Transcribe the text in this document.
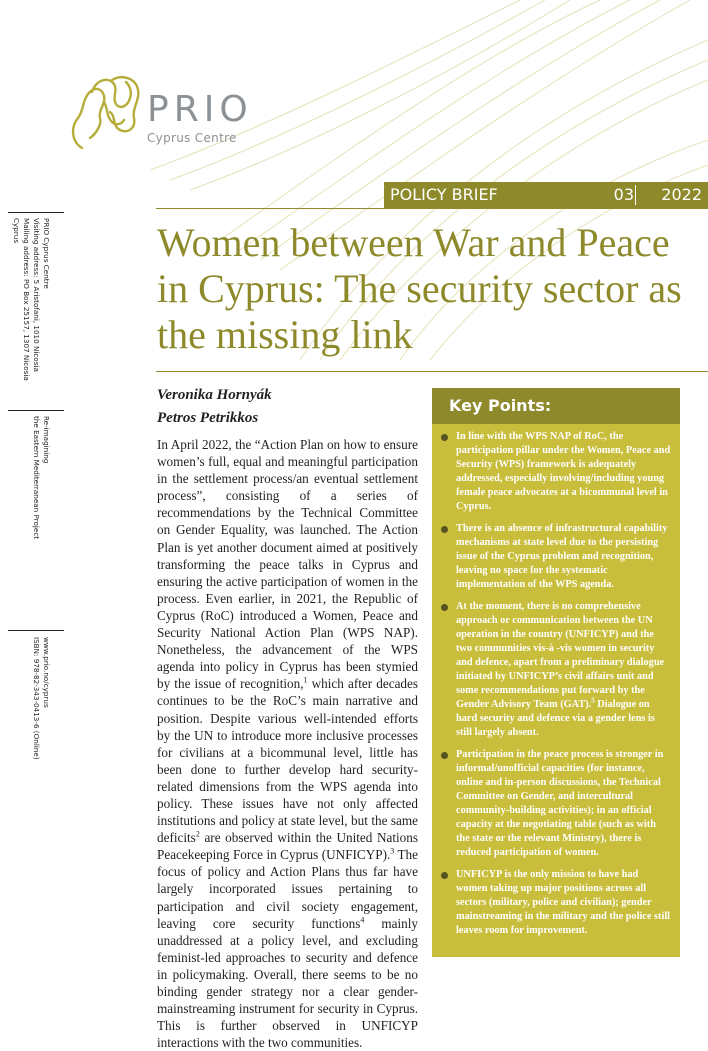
PRIO
Cyprus Centre
POLICY BRIEF	03 2022
PRIO Cyprus Centre
Visiting address: 5 Aristofani, 1010 Nicosia
Mailing address: PO Box 25157, 1307 Nicosia
Cyprus
Re-imagining
the Eastern Mediterranean Project
www.prio.no/cyprus
ISBN: 978-82-343-0413-6 (Online)
Women between War and Peace in Cyprus: The security sector as the missing link
Veronika Hornyák
Petros Petrikkos

In April 2022, the “Action Plan on how to ensure women’s full, equal and meaningful participation in the settlement process/an eventual settlement process”, consisting of a series of recommendations by the Technical Committee on Gender Equality, was launched. The Action Plan is yet another document aimed at positively transforming the peace talks in Cyprus and ensuring the active participation of women in the process. Even earlier, in 2021, the Republic of Cyprus (RoC) introduced a Women, Peace and Security National Action Plan (WPS NAP). Nonetheless, the advancement of the WPS agenda into policy in Cyprus has been stymied by the issue of recognition,$^1$ which after decades continues to be the RoC’s main narrative and position. Despite various well-intended efforts by the UN to introduce more inclusive processes for civilians at a bicommunal level, little has been done to further develop hard security-related dimensions from the WPS agenda into policy. These issues have not only affected institutions and policy at state level, but the same deficits$^2$ are observed within the United Nations Peacekeeping Force in Cyprus (UNFICYP).$^3$ The focus of policy and Action Plans thus far have largely incorporated issues pertaining to participation and civil society engagement, leaving core security functions$^4$ mainly unaddressed at a policy level, and excluding feminist-led approaches to security and defence in policymaking. Overall, there seems to be no binding gender strategy nor a clear gender-mainstreaming instrument for security in Cyprus. This is further observed in UNFICYP interactions with the two communities.

Key Points:
In line with the WPS NAP of RoC, the participation pillar under the Women, Peace and Security (WPS) framework is adequately addressed, especially involving/including young female peace advocates at a bicommunal level in Cyprus.
There is an absence of infrastructural capability mechanisms at state level due to the persisting issue of the Cyprus problem and recognition, leaving no space for the systematic implementation of the WPS agenda.
At the moment, there is no comprehensive approach or communication between the UN operation in the country (UNFICYP) and the two communities vis-à -vis women in security and defence, apart from a preliminary dialogue initiated by UNFICYP’s civil affairs unit and some recommendations put forward by the Gender Advisory Team (GAT).$^5$ Dialogue on hard security and defence via a gender lens is still largely absent.
Participation in the peace process is stronger in informal/unofficial capacities (for instance, online and in-person discussions, the Technical Committee on Gender, and intercultural community-building activities); in an official capacity at the negotiating table (such as with the state or the relevant Ministry), there is reduced participation of women.
UNFICYP is the only mission to have had women taking up major positions across all sectors (military, police and civilian); gender mainstreaming in the military and the police still leaves room for improvement.
